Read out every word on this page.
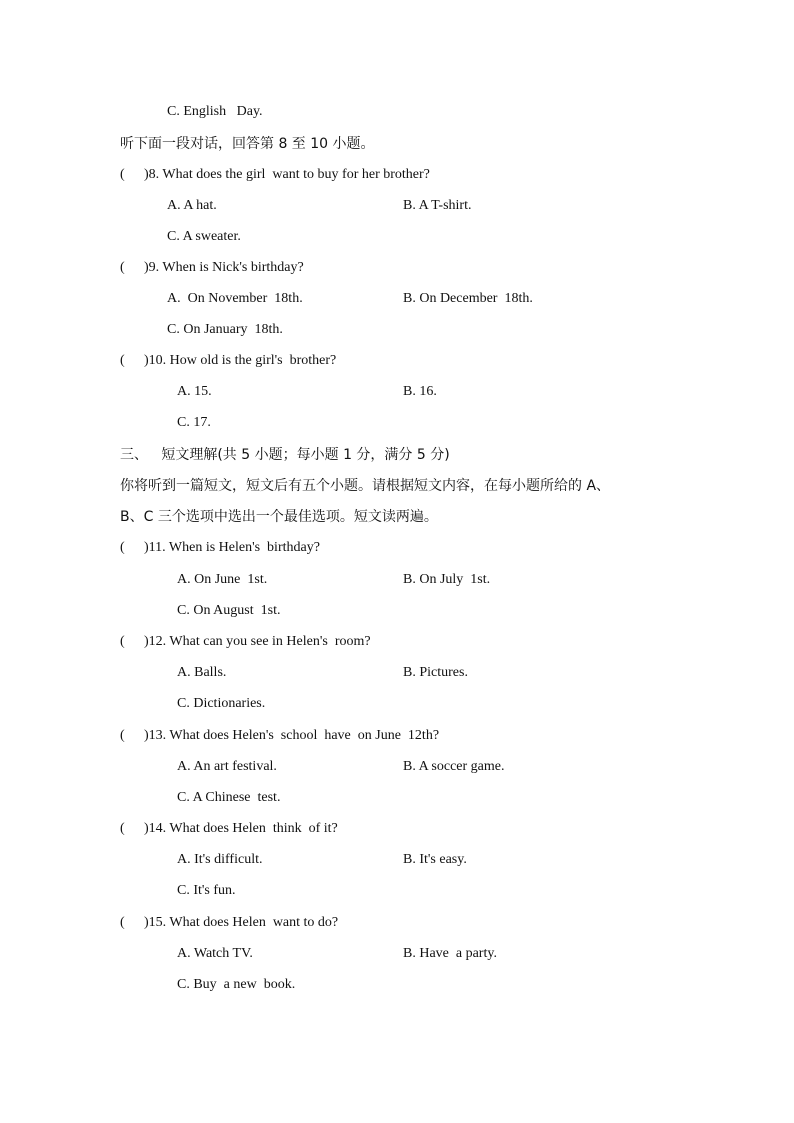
C. English   Day.
听下面一段对话，回答第 8 至 10 小题。
( )8. What does the girl  want to buy for her brother?
A. A hat.	B. A T-shirt.
C. A sweater.
( )9. When is Nick's birthday?
A.  On November  18th.	B. On December  18th.
C. On January  18th.
( )10. How old is the girl's  brother?
A. 15.	B. 16.
C. 17.
三、   短文理解(共 5 小题；每小题 1 分，满分 5 分)
你将听到一篇短文，短文后有五个小题。请根据短文内容，在每小题所给的 A、
B、C 三个选项中选出一个最佳选项。短文读两遍。
( )11. When is Helen's  birthday?
A. On June  1st.	B. On July  1st.
C. On August  1st.
( )12. What can you see in Helen's  room?
A. Balls.	B. Pictures.
C. Dictionaries.
( )13. What does Helen's  school  have  on June  12th?
A. An art festival.	B. A soccer game.
C. A Chinese  test.
( )14. What does Helen  think  of it?
A. It's difficult.	B. It's easy.
C. It's fun.
( )15. What does Helen  want to do?
A. Watch TV.	B. Have  a party.
C. Buy  a new  book.
